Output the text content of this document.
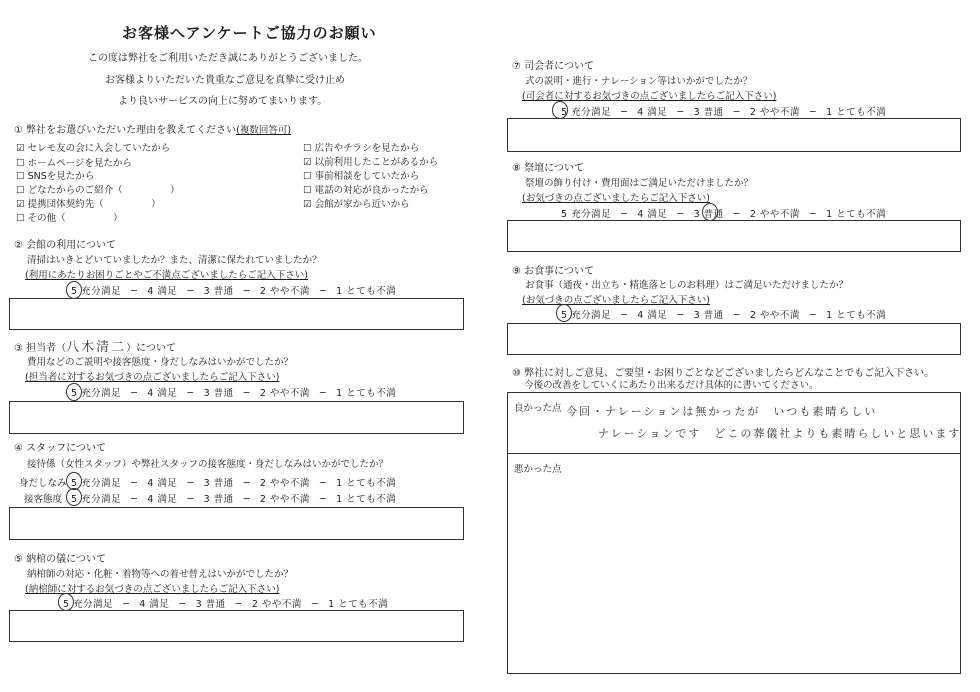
お客様へアンケートご協力のお願い
この度は弊社をご利用いただき誠にありがとうございました。
お客様よりいただいた貴重なご意見を真摯に受け止め
より良いサービスの向上に努めてまいります。
① 弊社をお選びいただいた理由を教えてください(複数回答可)
☑ セレモ友の会に入会していたから
☐ ホームページを見たから
☐ SNSを見たから
☐ どなたからのご紹介（　　　　　）
☑ 提携団体契約先（　　　　　）
☐ その他（　　　　　）
☐ 広告やチラシを見たから
☑ 以前利用したことがあるから
☐ 事前相談をしていたから
☐ 電話の対応が良かったから
☑ 会館が家から近いから
② 会館の利用について
清掃はいきとどいていましたか？また、清潔に保たれていましたか？
(利用にあたりお困りごとやご不満点ございましたらご記入下さい)
5 充分満足　─　4 満足　─　3 普通　─　2 やや不満　─　1 とても不満
③ 担当者（八木清二）について
費用などのご説明や接客態度・身だしなみはいかがでしたか？
(担当者に対するお気づきの点ございましたらご記入下さい)
5 充分満足　─　4 満足　─　3 普通　─　2 やや不満　─　1 とても不満
④ スタッフについて
接待係（女性スタッフ）や弊社スタッフの接客態度・身だしなみはいかがでしたか？
身だしなみ 5 充分満足　─　4 満足　─　3 普通　─　2 やや不満　─　1 とても不満
接客態度 5 充分満足　─　4 満足　─　3 普通　─　2 やや不満　─　1 とても不満
⑤ 納棺の儀について
納棺師の対応・化粧・着物等への着せ替えはいかがでしたか？
(納棺師に対するお気づきの点ございましたらご記入下さい)
5 充分満足　─　4 満足　─　3 普通　─　2 やや不満　─　1 とても不満
⑦ 司会者について
式の説明・進行・ナレーション等はいかがでしたか？
(司会者に対するお気づきの点ございましたらご記入下さい)
5 充分満足　─　4 満足　─　3 普通　─　2 やや不満　─　1 とても不満
⑧ 祭壇について
祭壇の飾り付け・費用面はご満足いただけましたか？
(お気づきの点ございましたらご記入下さい)
5 充分満足　─　4 満足　─　3 普通　─　2 やや不満　─　1 とても不満
⑨ お食事について
お食事（通夜・出立ち・精進落としのお料理）はご満足いただけましたか？
(お気づきの点ございましたらご記入下さい)
5 充分満足　─　4 満足　─　3 普通　─　2 やや不満　─　1 とても不満
⑩ 弊社に対しご意見、ご要望・お困りごとなどございましたらどんなことでもご記入下さい。
今後の改善をしていくにあたり出来るだけ具体的に書いてください。
良かった点 今回・ナレーションは無かったが　いつも素晴らしい
ナレーションです　どこの葬儀社よりも素晴らしいと思います
悪かった点
